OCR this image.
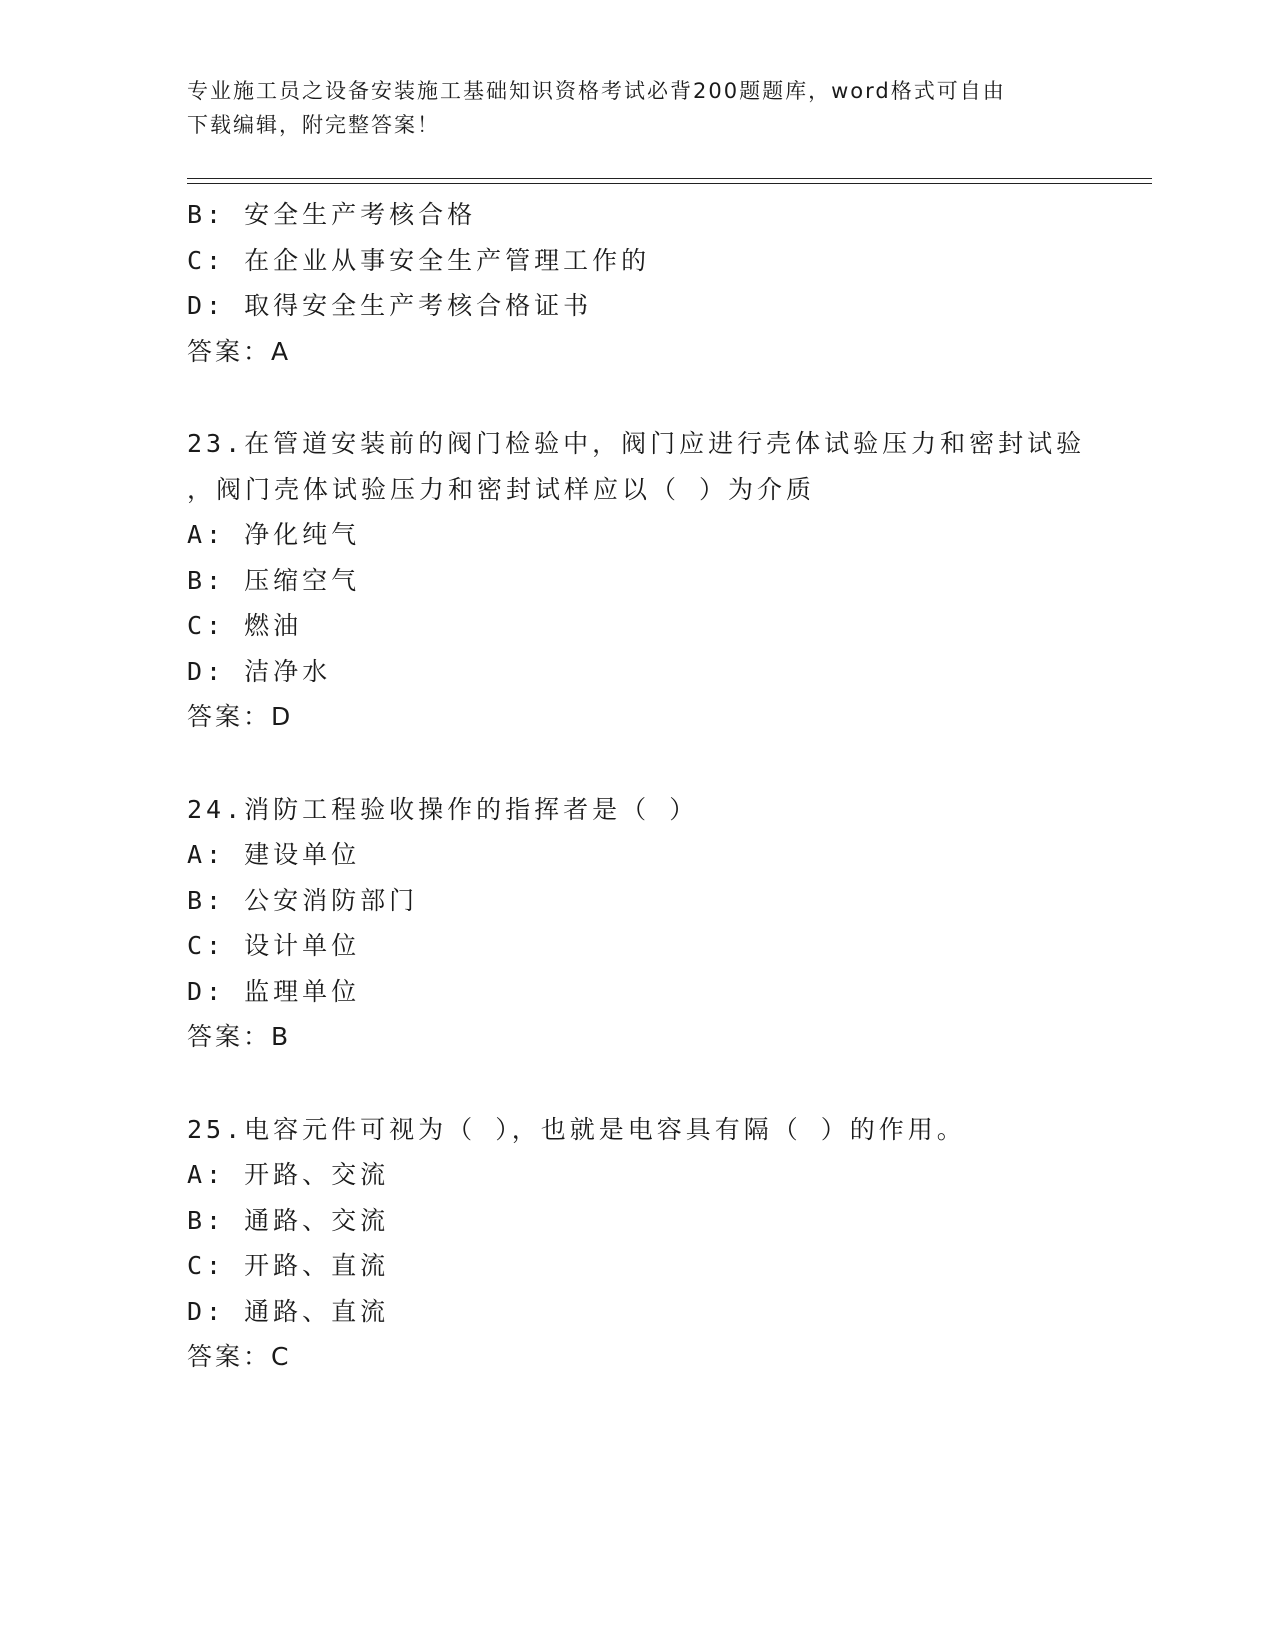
专业施工员之设备安装施工基础知识资格考试必背200题题库，word格式可自由
下载编辑，附完整答案！
B: 安全生产考核合格
C: 在企业从事安全生产管理工作的
D: 取得安全生产考核合格证书
答案：A
23.在管道安装前的阀门检验中，阀门应进行壳体试验压力和密封试验
，阀门壳体试验压力和密封试样应以（ ）为介质
A: 净化纯气
B: 压缩空气
C: 燃油
D: 洁净水
答案：D
24.消防工程验收操作的指挥者是（ ）
A: 建设单位
B: 公安消防部门
C: 设计单位
D: 监理单位
答案：B
25.电容元件可视为（ ），也就是电容具有隔（ ）的作用。
A: 开路、交流
B: 通路、交流
C: 开路、直流
D: 通路、直流
答案：C
